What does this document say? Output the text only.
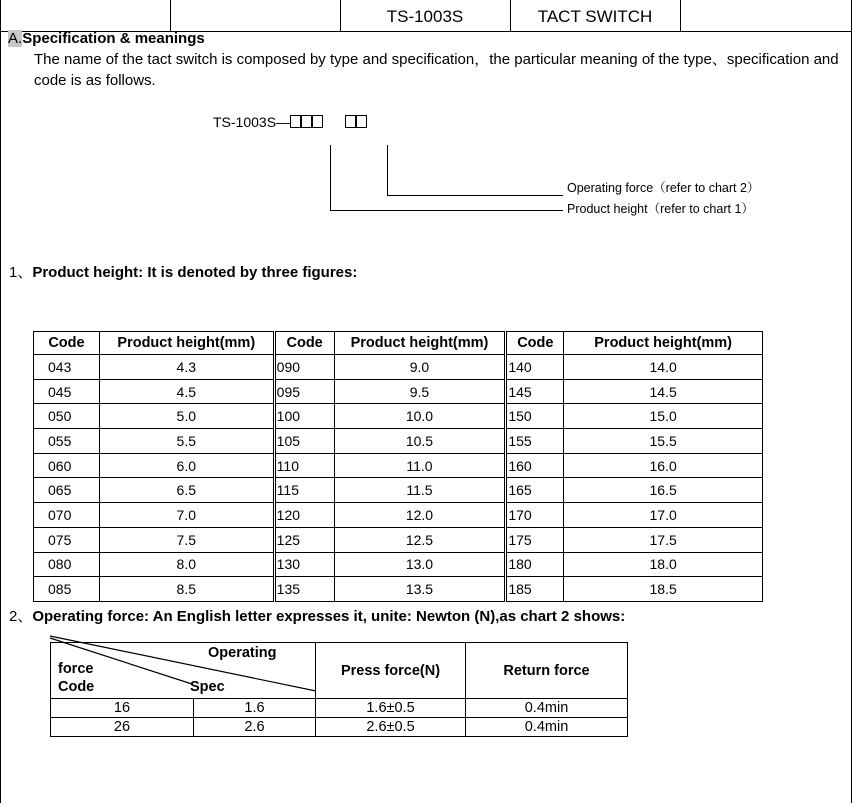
TS-1003S	TACT SWITCH
A.Specification & meanings
The name of the tact switch is composed by type and specification，the particular meaning of the type、specification and code is as follows.
TS-1003S—
Operating force（refer to chart 2）
Product height（refer to chart 1）
1、Product height: It is denoted by three figures:
Code	Product height(mm)	Code	Product height(mm)	Code	Product height(mm)
043	4.3	090	9.0	140	14.0
045	4.5	095	9.5	145	14.5
050	5.0	100	10.0	150	15.0
055	5.5	105	10.5	155	15.5
060	6.0	110	11.0	160	16.0
065	6.5	115	11.5	165	16.5
070	7.0	120	12.0	170	17.0
075	7.5	125	12.5	175	17.5
080	8.0	130	13.0	180	18.0
085	8.5	135	13.5	185	18.5
2、Operating force: An English letter expresses it, unite: Newton (N),as chart 2 shows:
Operating
force
Code Spec		Press force(N)	Return force
16	1.6	1.6±0.5	0.4min
26	2.6	2.6±0.5	0.4min
